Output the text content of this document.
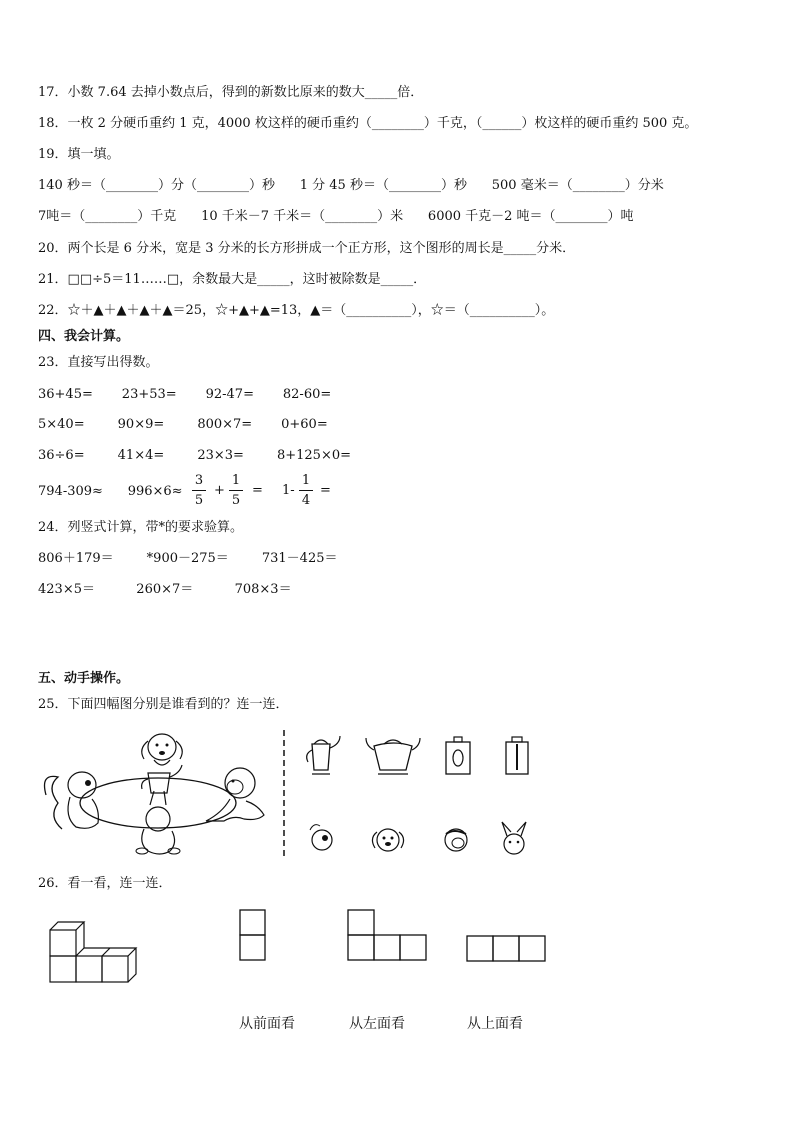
17．小数 7.64 去掉小数点后，得到的新数比原来的数大_____倍．
18．一枚 2 分硬币重约 1 克，4000 枚这样的硬币重约（________）千克，（______）枚这样的硬币重约 500 克。
19．填一填。
140 秒＝（________）分（________）秒      1 分 45 秒＝（________）秒      500 毫米＝（________）分米
7吨＝（________）千克      10 千米－7 千米＝（________）米      6000 千克－2 吨＝（________）吨
20．两个长是 6 分米，宽是 3 分米的长方形拼成一个正方形，这个图形的周长是_____分米．
21．□□÷5＝11……□，余数最大是_____，这时被除数是_____．
22．☆＋▲＋▲＋▲＋▲＝25，☆+▲+▲=13，▲＝（__________），☆＝（__________）。
四、我会计算。
23．直接写出得数。
36+45=       23+53=       92-47=       82-60=
5×40=        90×9=        800×7=       0+60=
36÷6=        41×4=        23×3=        8+125×0=
794-309≈      996×6≈
3
5
+
1
5
= 1-
1
4
=
24．列竖式计算，带*的要求验算。
806＋179＝        *900－275＝        731－425＝
423×5＝          260×7＝          708×3＝
五、动手操作。
25．下面四幅图分别是谁看到的？连一连．
26．看一看，连一连．
从前面看	从左面看	从上面看
